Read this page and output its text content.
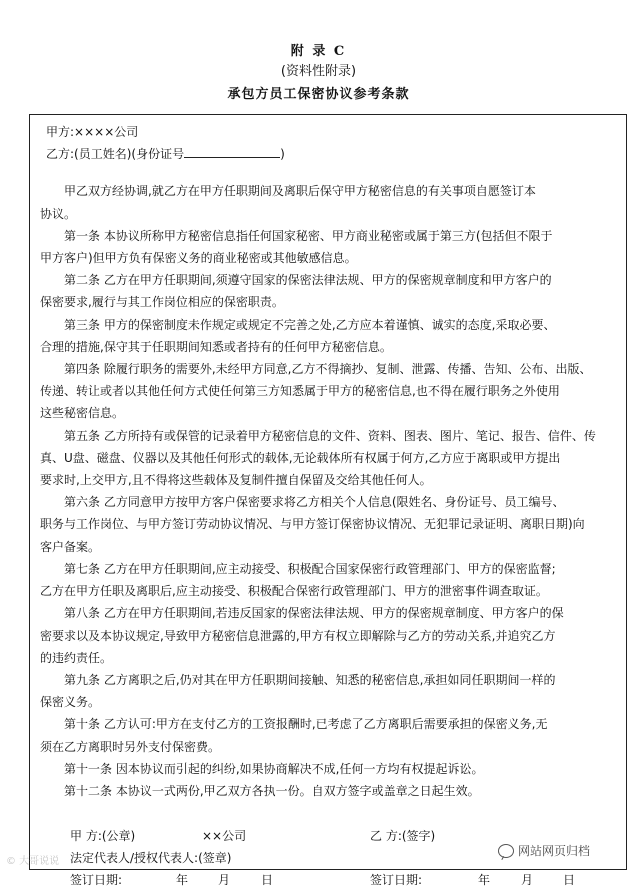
附 录 C
(资料性附录)
承包方员工保密协议参考条款
甲方:××××公司
乙方:(员工姓名)(身份证号	)
甲乙双方经协调,就乙方在甲方任职期间及离职后保守甲方秘密信息的有关事项自愿签订本
协议。
第一条 本协议所称甲方秘密信息指任何国家秘密、甲方商业秘密或属于第三方(包括但不限于
甲方客户)但甲方负有保密义务的商业秘密或其他敏感信息。
第二条 乙方在甲方任职期间,须遵守国家的保密法律法规、甲方的保密规章制度和甲方客户的
保密要求,履行与其工作岗位相应的保密职责。
第三条 甲方的保密制度未作规定或规定不完善之处,乙方应本着谨慎、诚实的态度,采取必要、
合理的措施,保守其于任职期间知悉或者持有的任何甲方秘密信息。
第四条 除履行职务的需要外,未经甲方同意,乙方不得摘抄、复制、泄露、传播、告知、公布、出版、
传递、转让或者以其他任何方式使任何第三方知悉属于甲方的秘密信息,也不得在履行职务之外使用
这些秘密信息。
第五条 乙方所持有或保管的记录着甲方秘密信息的文件、资料、图表、图片、笔记、报告、信件、传
真、U盘、磁盘、仪器以及其他任何形式的载体,无论载体所有权属于何方,乙方应于离职或甲方提出
要求时,上交甲方,且不得将这些载体及复制件擅自保留及交给其他任何人。
第六条 乙方同意甲方按甲方客户保密要求将乙方相关个人信息(限姓名、身份证号、员工编号、
职务与工作岗位、与甲方签订劳动协议情况、与甲方签订保密协议情况、无犯罪记录证明、离职日期)向
客户备案。
第七条 乙方在甲方任职期间,应主动接受、积极配合国家保密行政管理部门、甲方的保密监督;
乙方在甲方任职及离职后,应主动接受、积极配合保密行政管理部门、甲方的泄密事件调查取证。
第八条 乙方在甲方任职期间,若违反国家的保密法律法规、甲方的保密规章制度、甲方客户的保
密要求以及本协议规定,导致甲方秘密信息泄露的,甲方有权立即解除与乙方的劳动关系,并追究乙方
的违约责任。
第九条 乙方离职之后,仍对其在甲方任职期间接触、知悉的秘密信息,承担如同任职期间一样的
保密义务。
第十条 乙方认可:甲方在支付乙方的工资报酬时,已考虑了乙方离职后需要承担的保密义务,无
须在乙方离职时另外支付保密费。
第十一条 因本协议而引起的纠纷,如果协商解决不成,任何一方均有权提起诉讼。
第十二条 本协议一式两份,甲乙双方各执一份。自双方签字或盖章之日起生效。
甲 方:(公章)	××公司	乙 方:(签字)
法定代表人/授权代表人:(签章)
签订日期:	年 月	日	签订日期:	年	月 日
© 大哥说说
网站网页归档
